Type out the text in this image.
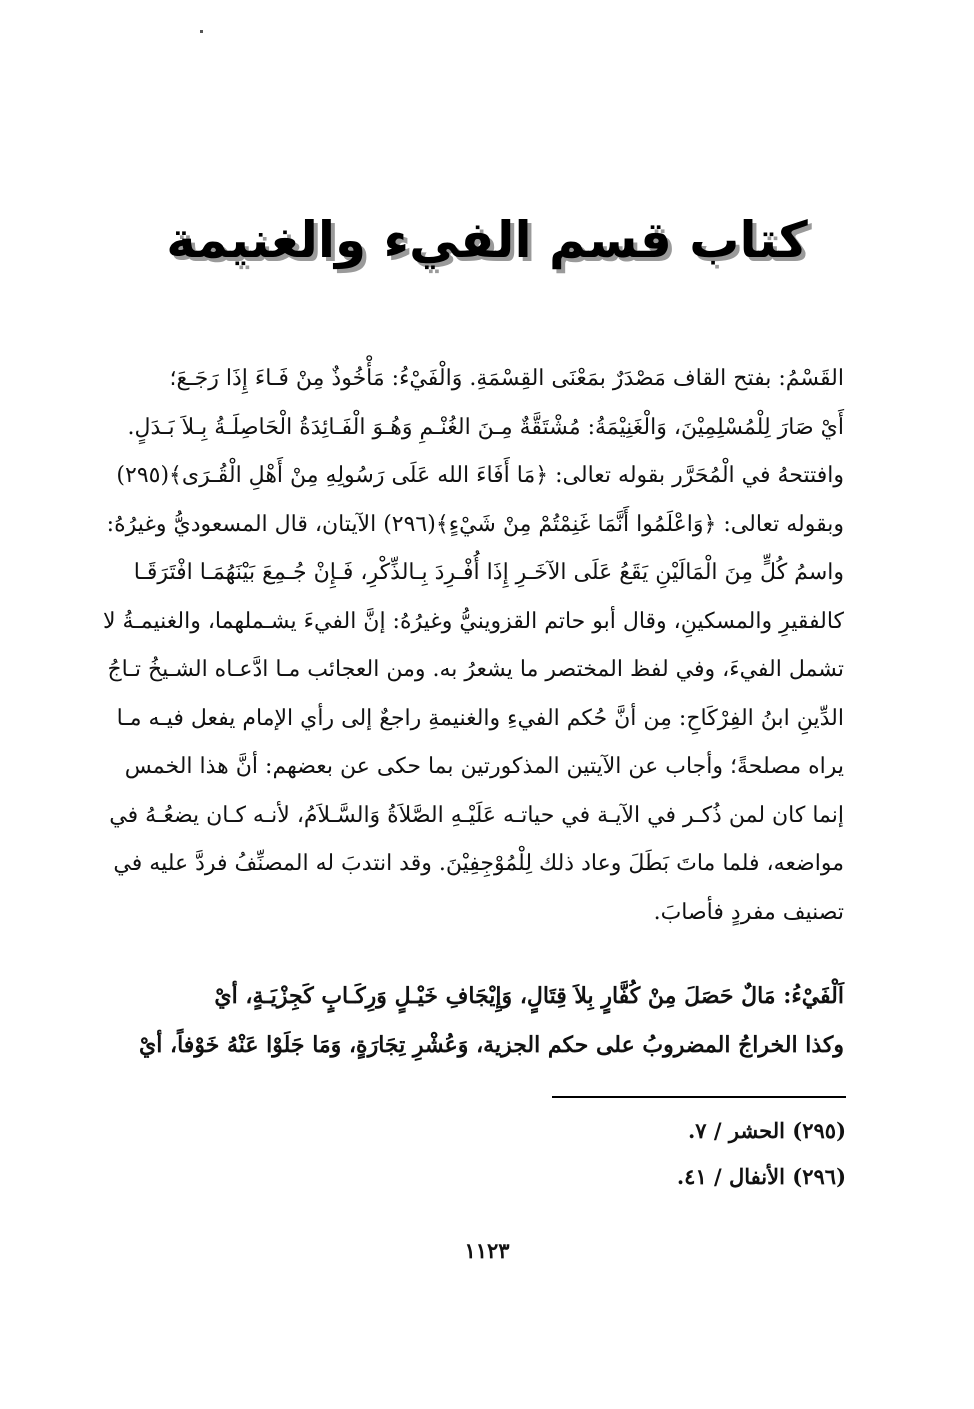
كتاب قسم الفيء والغنيمة
القَسْمُ: بفتح القاف مَصْدَرٌ بمَعْنَى القِسْمَةِ. وَالْفَيْءُ: مَأْخُوذٌ مِنْ فَـاءَ إِذَا رَجَـعَ؛
أَيْ صَارَ لِلْمُسْلِمِيْنَ، وَالْغَنِيْمَةُ: مُشْتَقَّةٌ مِـنَ الغُنْـمِ وَهُـوَ الْفَـائِدَةُ الْحَاصِلَـةُ بِـلاَ بَـدَلٍ.
وافتتحهُ في الْمُحَرَّر بقوله تعالى: ﴿مَا أَفَاءَ الله عَلَى رَسُولِهِ مِنْ أَهْلِ الْقُـرَى﴾(٢٩٥)
وبقوله تعالى: ﴿وَاعْلَمُوا أَنَّمَا غَنِمْتُمْ مِنْ شَيْءٍ﴾(٢٩٦) الآيتان، قال المسعوديُّ وغيرُهُ:
واسمُ كُلٍّ مِنَ الْمَالَيْنِ يَقَعُ عَلَى الآخَـرِ إِذَا أُفْـرِدَ بِـالذِّكْرِ، فَـإِنْ جُـمِعَ بَيْنَهُمَـا افْتَرَقَـا
كالفقيرِ والمسكينِ، وقال أبو حاتم القزوينيُّ وغيرُهُ: إنَّ الفيءَ يشـملهما، والغنيمـةُ لا
تشمل الفيءَ، وفي لفظ المختصر ما يشعرُ به. ومن العجائب مـا ادَّعـاه الشـيخُ تـاجُ
الدِّينِ ابنُ الفِرْكَاحِ: مِن أنَّ حُكم الفيءِ والغنيمةِ راجعٌ إلى رأي الإمام يفعل فيـه مـا
يراه مصلحةً؛ وأجاب عن الآيتين المذكورتين بما حكى عن بعضهم: أنَّ هذا الخمس
إنما كان لمن ذُكـر في الآيـة في حياتـه عَلَيْـهِ الصَّلاَةُ وَالسَّـلاَمُ، لأنـه كـان يضعُـهُ في
مواضعه، فلما ماتَ بَطَلَ وعاد ذلك لِلْمُوْجِفِيْنَ. وقد انتدبَ له المصنِّفُ فردَّ عليه في
تصنيف مفردٍ فأصابَ.
اَلْفَيْءُ: مَالٌ حَصَلَ مِنْ كُفَّارٍ بِلاَ قِتَالٍ، وَإِيْجَافِ خَيْـلٍ وَرِكَـابٍ كَجِزْيَـةٍ، أيْ
وكذا الخراجُ المضروبُ على حكم الجزية، وَعُشْرِ تِجَارَةٍ، وَمَا جَلَوْا عَنْهُ خَوْفاً، أيْ
(٢٩٥) الحشر / ٧.
(٢٩٦) الأنفال / ٤١.
١١٢٣
